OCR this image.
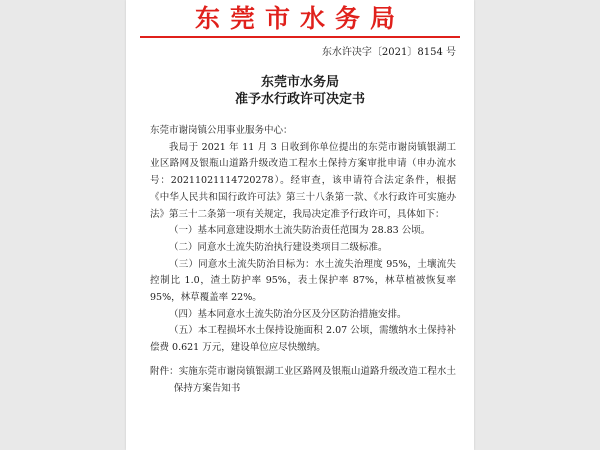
东莞市水务局
东水许决字〔2021〕8154 号
东莞市水务局
准予水行政许可决定书

东莞市谢岗镇公用事业服务中心：

我局于 2021 年 11 月 3 日收到你单位提出的东莞市谢岗镇银湖工业区路网及银瓶山道路升级改造工程水土保持方案审批申请（申办流水号：20211021114720278）。经审查，该申请符合法定条件，根据《中华人民共和国行政许可法》第三十八条第一款、《水行政许可实施办法》第三十二条第一项有关规定，我局决定准予行政许可，具体如下：

（一）基本同意建设期水土流失防治责任范围为 28.83 公顷。

（二）同意水土流失防治执行建设类项目二级标准。

（三）同意水土流失防治目标为：水土流失治理度 95%，土壤流失控制比 1.0，渣土防护率 95%，表土保护率 87%，林草植被恢复率 95%，林草覆盖率 22%。

（四）基本同意水土流失防治分区及分区防治措施安排。

（五）本工程损坏水土保持设施面积 2.07 公顷，需缴纳水土保持补偿费 0.621 万元，建设单位应尽快缴纳。

附件：实施东莞市谢岗镇银湖工业区路网及银瓶山道路升级改造工程水土保持方案告知书
